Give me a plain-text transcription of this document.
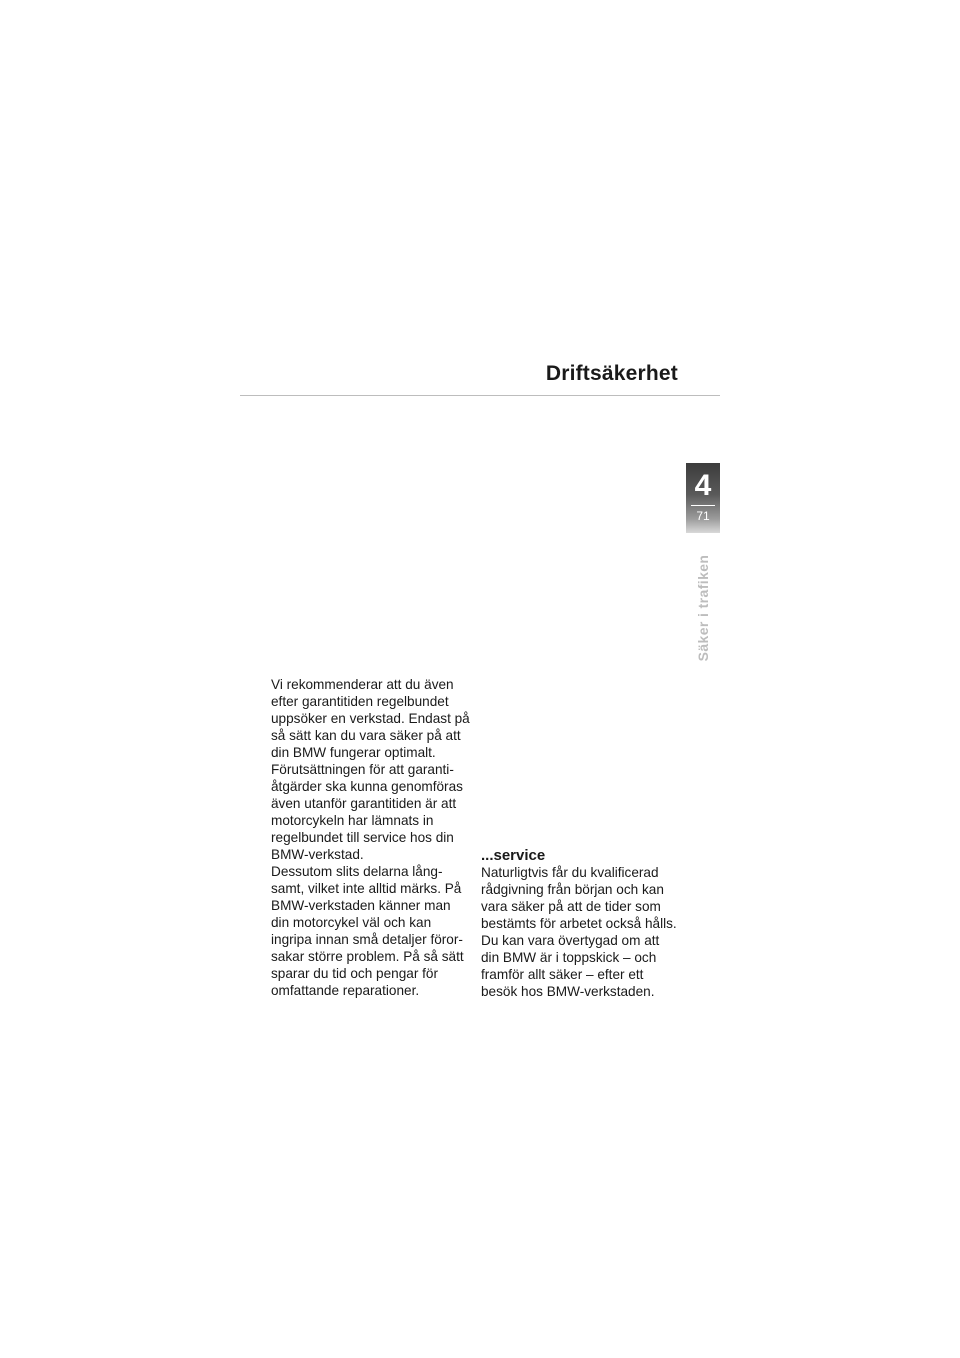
Driftsäkerhet
4
71
Säker i trafiken

Vi rekommenderar att du även efter garantitiden regelbundet uppsöker en verkstad. Endast på så sätt kan du vara säker på att din BMW fungerar optimalt. Förutsättningen för att garantiåtgärder ska kunna genomföras även utanför garantitiden är att motorcykeln har lämnats in regelbundet till service hos din BMW-verkstad.

Dessutom slits delarna långsamt, vilket inte alltid märks. På BMW-verkstaden känner man din motorcykel väl och kan ingripa innan små detaljer förorsakar större problem. På så sätt sparar du tid och pengar för omfattande reparationer.

...service

Naturligtvis får du kvalificerad rådgivning från början och kan vara säker på att de tider som bestämts för arbetet också hålls. Du kan vara övertygad om att din BMW är i toppskick – och framför allt säker – efter ett besök hos BMW-verkstaden.
